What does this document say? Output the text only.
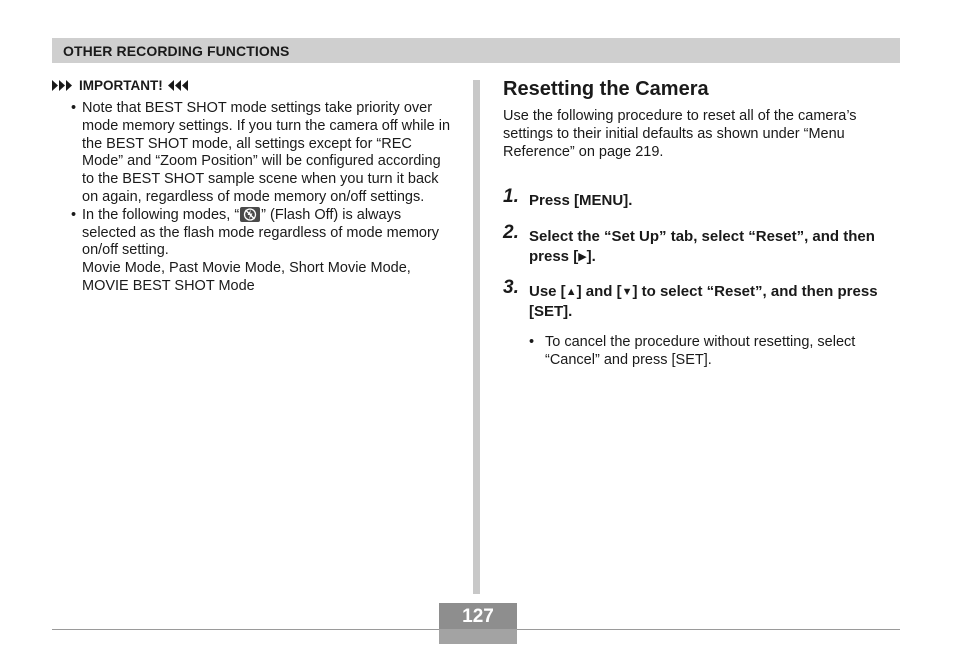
OTHER RECORDING FUNCTIONS
IMPORTANT!
• Note that BEST SHOT mode settings take priority over mode memory settings. If you turn the camera off while in the BEST SHOT mode, all settings except for “REC Mode” and “Zoom Position” will be configured according to the BEST SHOT sample scene when you turn it back on again, regardless of mode memory on/off settings.
• In the following modes, “ ” (Flash Off) is always selected as the flash mode regardless of mode memory on/off setting.
Movie Mode, Past Movie Mode, Short Movie Mode, MOVIE BEST SHOT Mode
Resetting the Camera

Use the following procedure to reset all of the camera’s settings to their initial defaults as shown under “Menu Reference” on page 219.

1. Press [MENU].
2. Select the “Set Up” tab, select “Reset”, and then press [▶].
3. Use [▲] and [▼] to select “Reset”, and then press [SET].
• To cancel the procedure without resetting, select “Cancel” and press [SET].
127
